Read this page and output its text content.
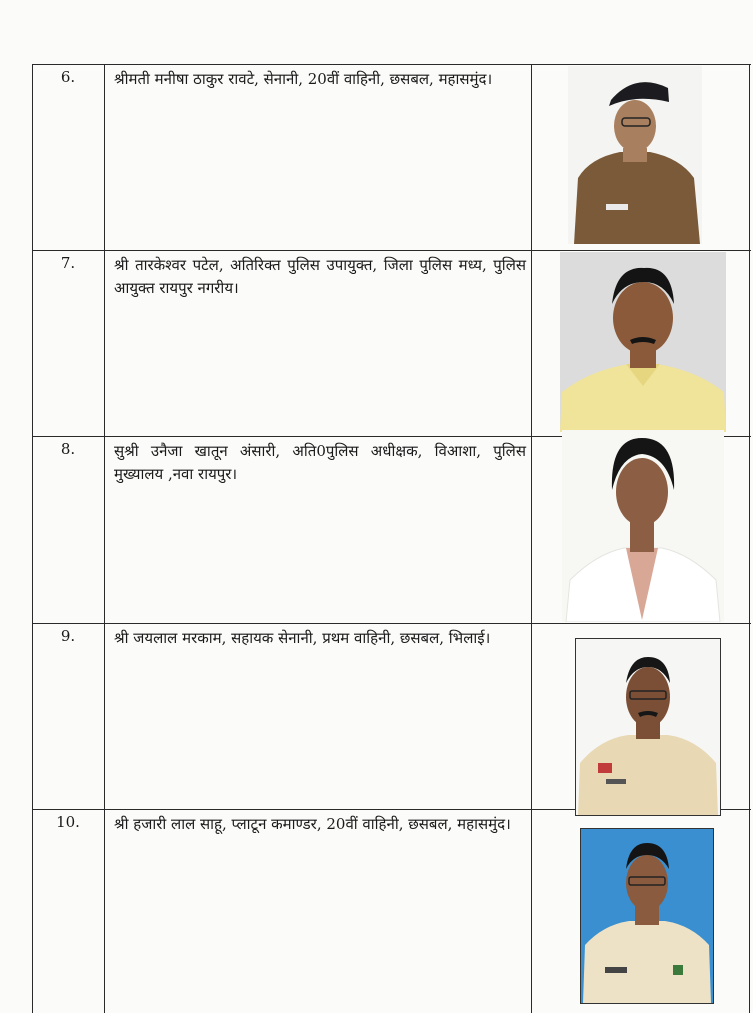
6.	श्रीमती मनीषा ठाकुर रावटे, सेनानी, 20वीं वाहिनी, छसबल, महासमुंद।
7.	श्री तारकेश्वर पटेल, अतिरिक्त पुलिस उपायुक्त, जिला पुलिस मध्य, पुलिस आयुक्त रायपुर नगरीय।
8.	सुश्री उनैजा खातून अंसारी, अति0पुलिस अधीक्षक, विआशा, पुलिस मुख्यालय ,नवा रायपुर।
9.	श्री जयलाल मरकाम, सहायक सेनानी, प्रथम वाहिनी, छसबल, भिलाई।
10.	श्री हजारी लाल साहू, प्लाटून कमाण्डर, 20वीं वाहिनी, छसबल, महासमुंद।
